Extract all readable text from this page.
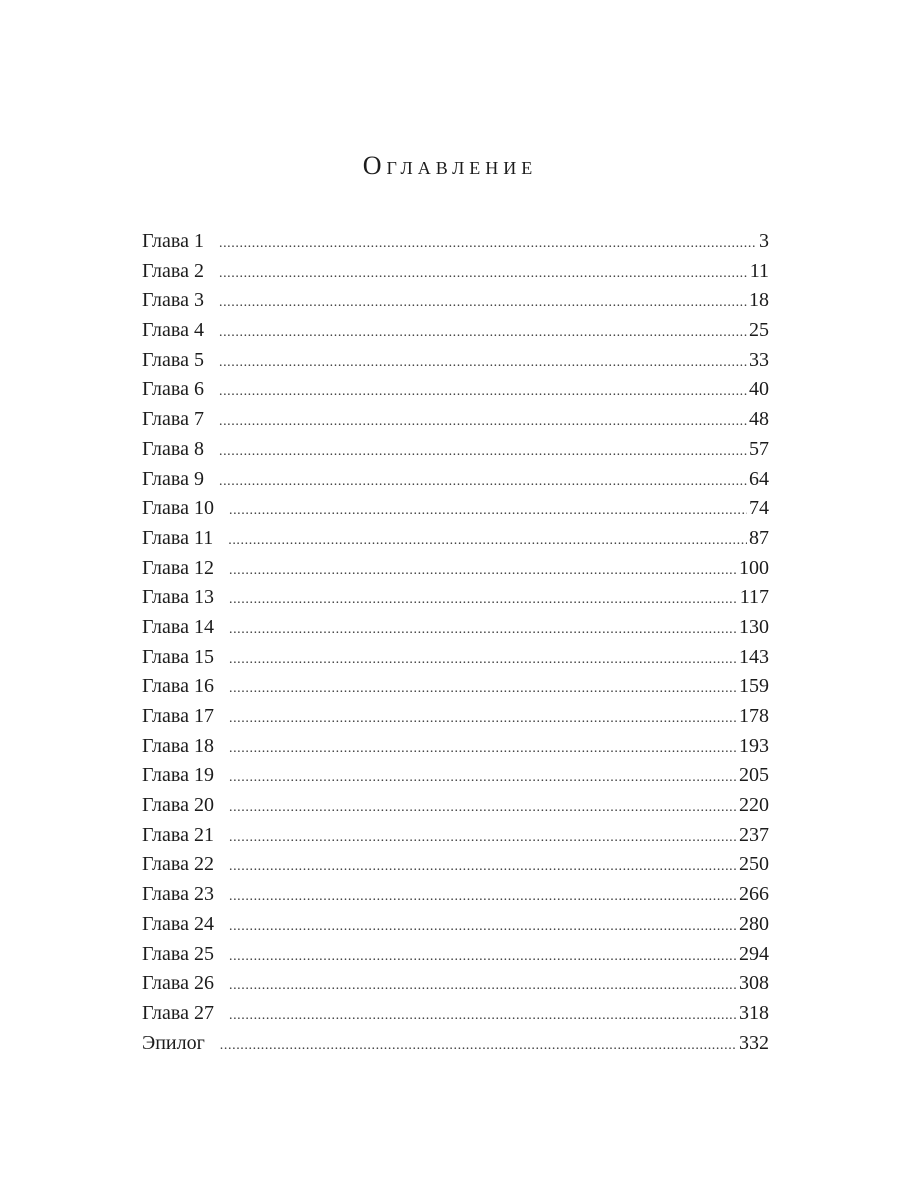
Оглавление
Глава 1 .....	3
Глава 2 .....	11
Глава 3 .....	18
Глава 4 .....	25
Глава 5 .....	33
Глава 6 .....	40
Глава 7 .....	48
Глава 8 .....	57
Глава 9 .....	64
Глава 10 .....	74
Глава 11 .....	87
Глава 12 .....	100
Глава 13 .....	117
Глава 14 .....	130
Глава 15 .....	143
Глава 16 .....	159
Глава 17 .....	178
Глава 18 .....	193
Глава 19 .....	205
Глава 20 .....	220
Глава 21 .....	237
Глава 22 .....	250
Глава 23 .....	266
Глава 24 .....	280
Глава 25 .....	294
Глава 26 .....	308
Глава 27 .....	318
Эпилог .....	332
